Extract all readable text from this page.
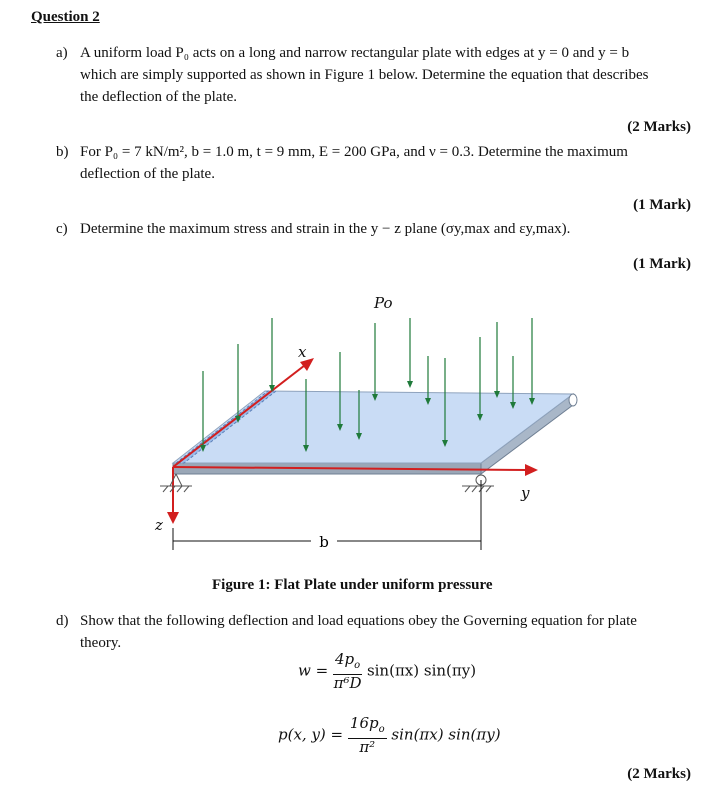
Question 2
a) A uniform load P₀ acts on a long and narrow rectangular plate with edges at y = 0 and y = b
which are simply supported as shown in Figure 1 below. Determine the equation that describes
the deflection of the plate.
(2 Marks)
b) For P₀ = 7 kN/m², b = 1.0 m, t = 9 mm, E = 200 GPa, and ν = 0.3. Determine the maximum
deflection of the plate.
(1 Mark)
c) Determine the maximum stress and strain in the y − z plane (σy,max and εy,max).
(1 Mark)
b
x
y
z
Po
Figure 1: Flat Plate under uniform pressure
d) Show that the following deflection and load equations obey the Governing equation for plate
theory.
$w = \frac{4p_o}{\text{π⁶D}} \sin(\pi x)$ sin(πy)
p(x, $y) = \frac{16p_o}{\text{π²}} \sin(\pi x)$ sin(πy)
(2 Marks)
